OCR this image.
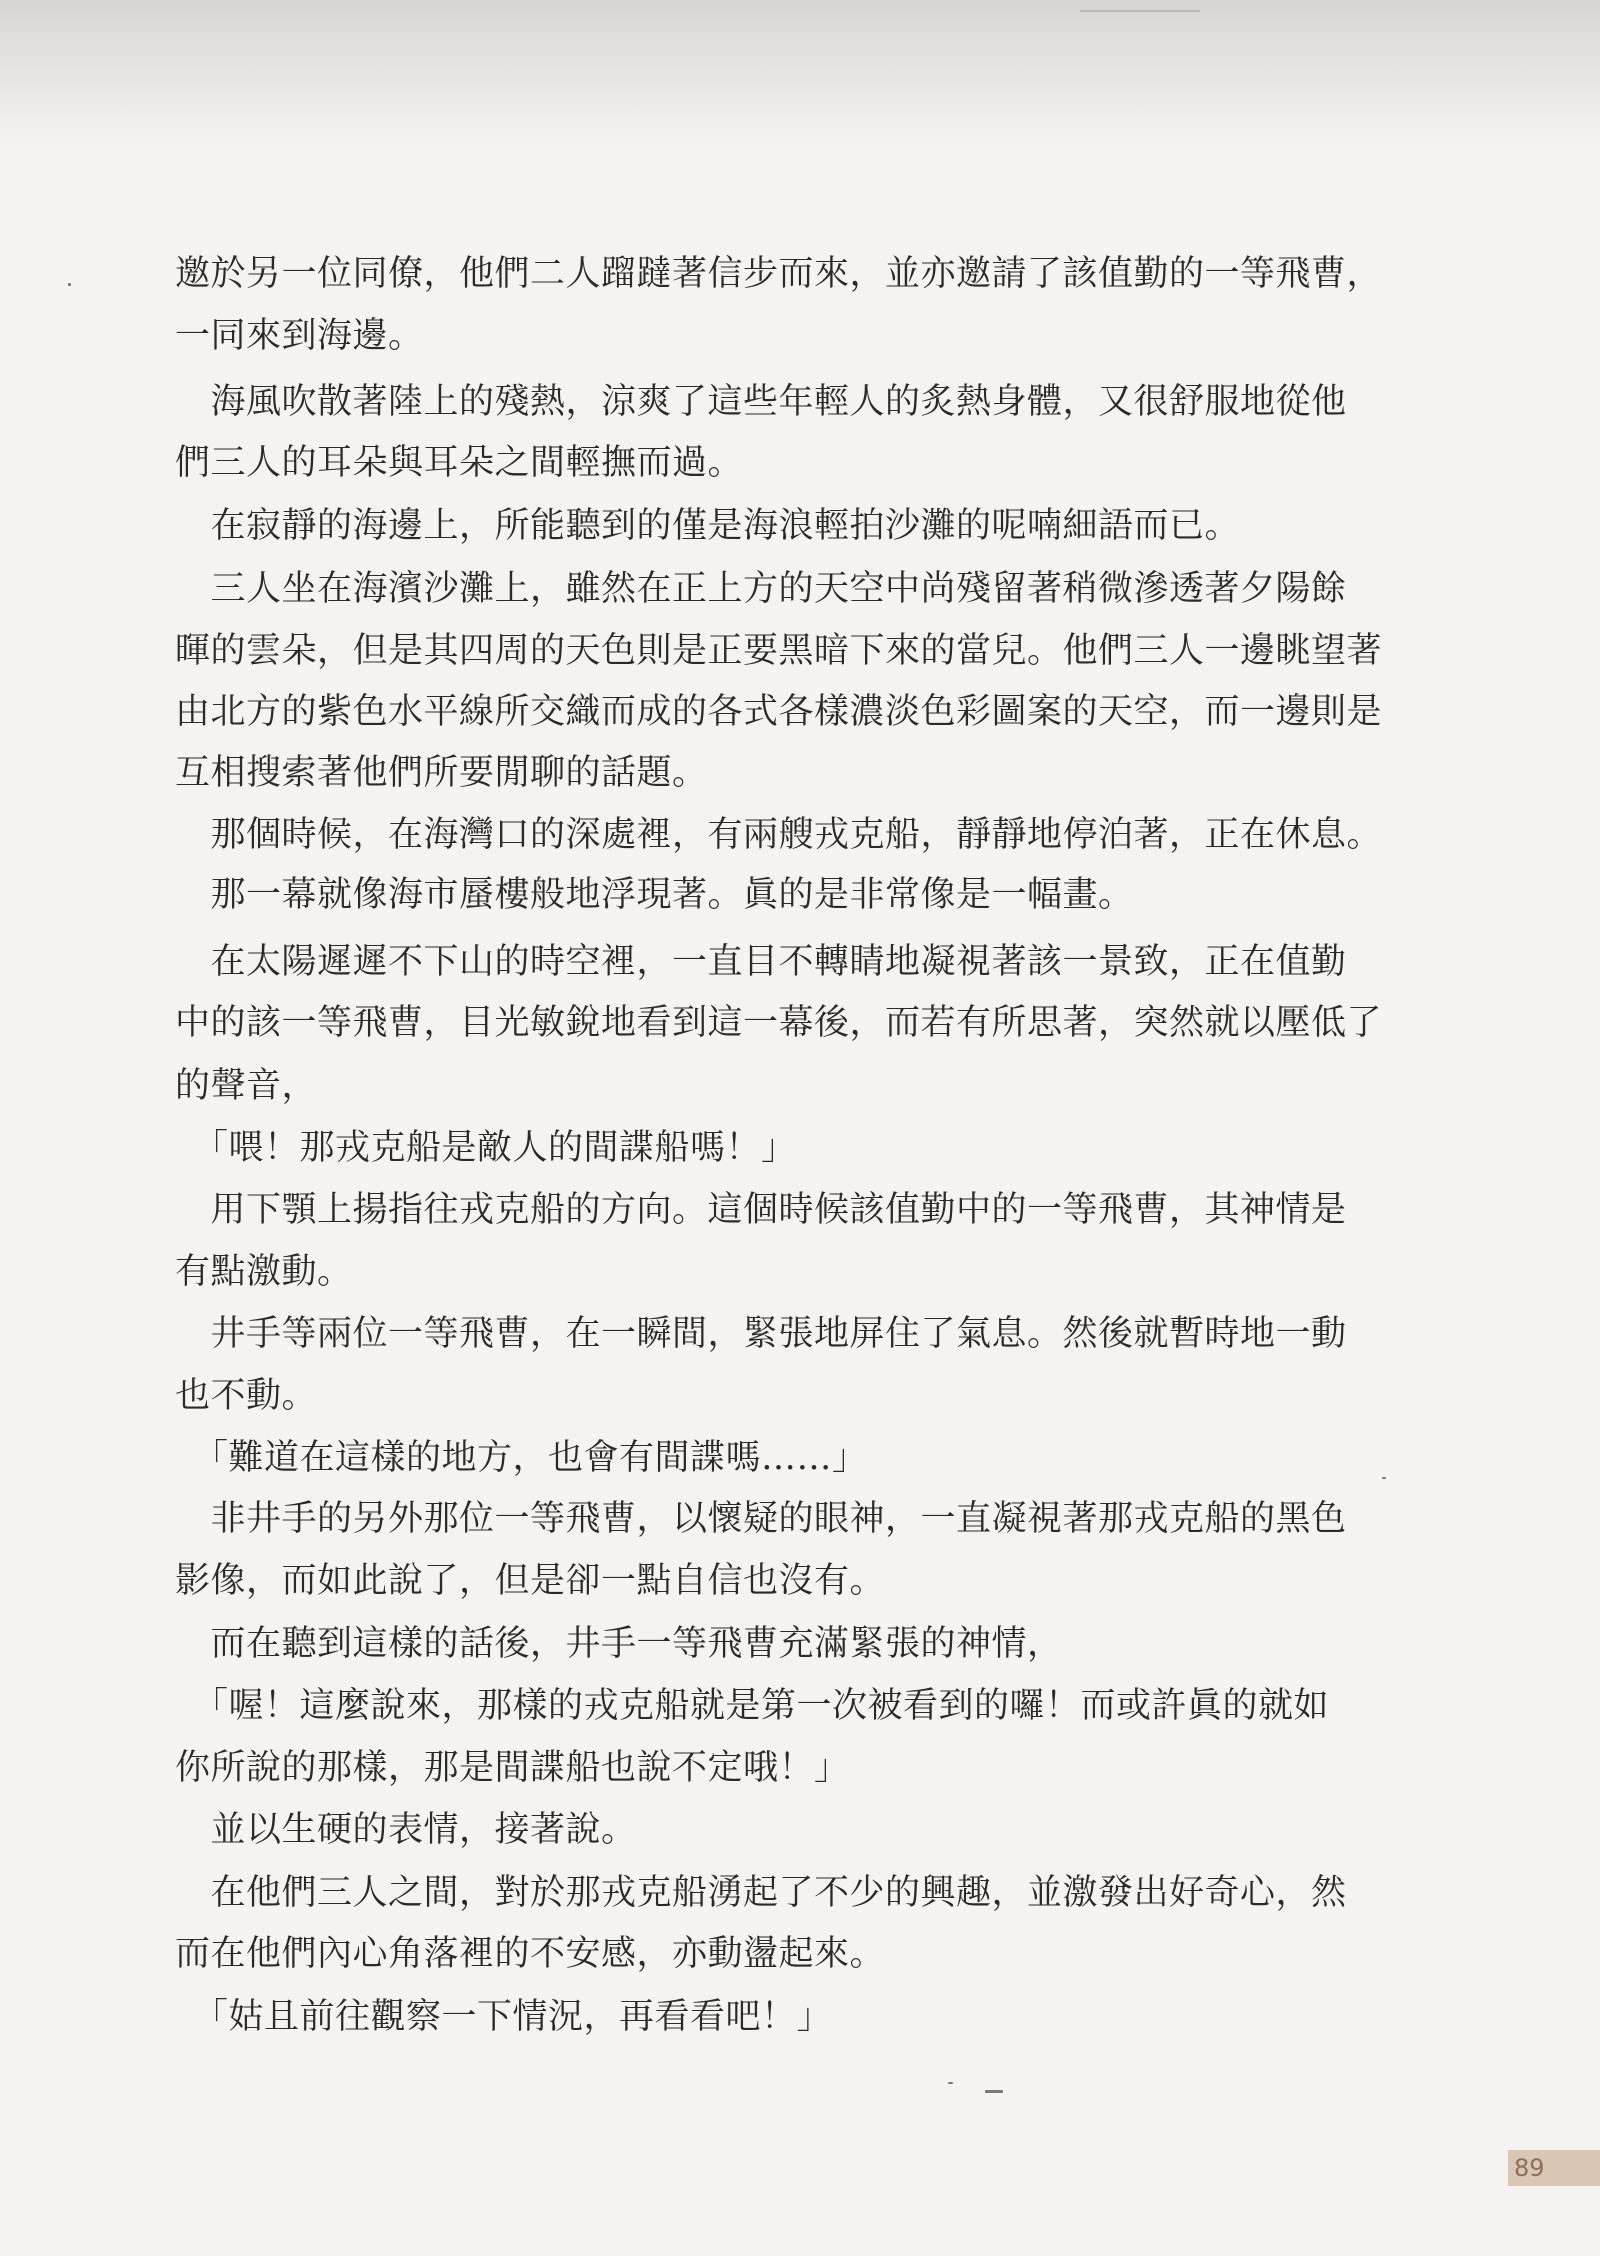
邀於另一位同僚，他們二人蹓躂著信步而來，並亦邀請了該值勤的一等飛曹，
一同來到海邊。
　海風吹散著陸上的殘熱，涼爽了這些年輕人的炙熱身體，又很舒服地從他
們三人的耳朵與耳朵之間輕撫而過。
　在寂靜的海邊上，所能聽到的僅是海浪輕拍沙灘的呢喃細語而已。
　三人坐在海濱沙灘上，雖然在正上方的天空中尚殘留著稍微滲透著夕陽餘
暉的雲朵，但是其四周的天色則是正要黑暗下來的當兒。他們三人一邊眺望著
由北方的紫色水平線所交織而成的各式各樣濃淡色彩圖案的天空，而一邊則是
互相搜索著他們所要閒聊的話題。
　那個時候，在海灣口的深處裡，有兩艘戎克船，靜靜地停泊著，正在休息。
　那一幕就像海市蜃樓般地浮現著。眞的是非常像是一幅畫。
　在太陽遲遲不下山的時空裡，一直目不轉睛地凝視著該一景致，正在值勤
中的該一等飛曹，目光敏銳地看到這一幕後，而若有所思著，突然就以壓低了
的聲音，
　「喂！那戎克船是敵人的間諜船嗎！」
　用下顎上揚指往戎克船的方向。這個時候該值勤中的一等飛曹，其神情是
有點激動。
　井手等兩位一等飛曹，在一瞬間，緊張地屏住了氣息。然後就暫時地一動
也不動。
　「難道在這樣的地方，也會有間諜嗎……」
　非井手的另外那位一等飛曹，以懷疑的眼神，一直凝視著那戎克船的黑色
影像，而如此說了，但是卻一點自信也沒有。
　而在聽到這樣的話後，井手一等飛曹充滿緊張的神情，
　「喔！這麼說來，那樣的戎克船就是第一次被看到的囉！而或許眞的就如
你所說的那樣，那是間諜船也說不定哦！」
　並以生硬的表情，接著說。
　在他們三人之間，對於那戎克船湧起了不少的興趣，並激發出好奇心，然
而在他們內心角落裡的不安感，亦動盪起來。
　「姑且前往觀察一下情況，再看看吧！」
89
